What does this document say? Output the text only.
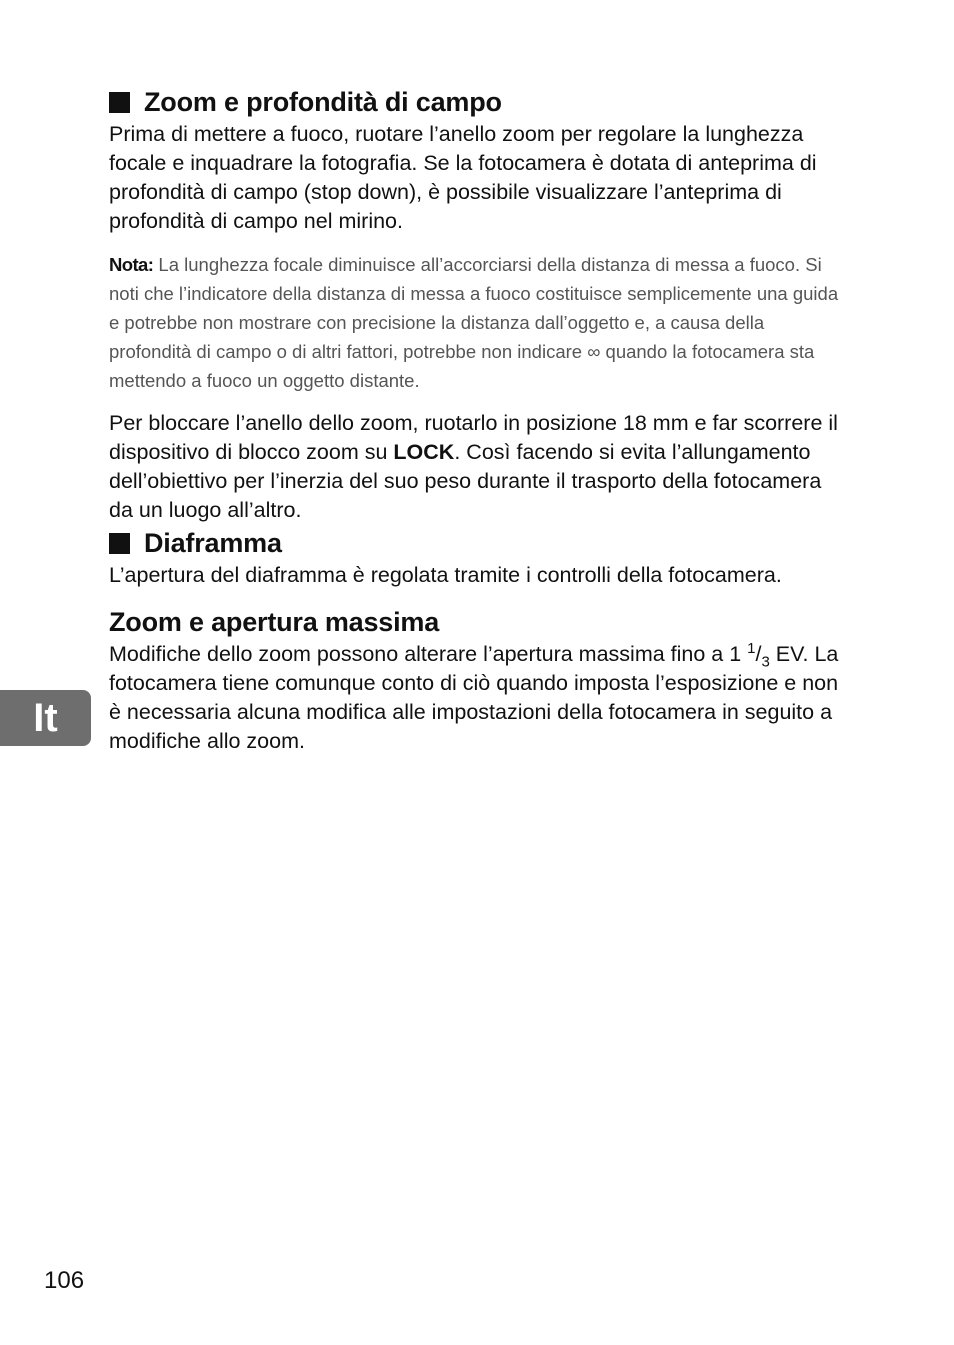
Zoom e profondità di campo

Prima di mettere a fuoco, ruotare l’anello zoom per regolare la lunghezza focale e inquadrare la fotografia. Se la fotocamera è dotata di anteprima di profondità di campo (stop down), è possibile visualizzare l’anteprima di profondità di campo nel mirino.

Nota: La lunghezza focale diminuisce all’accorciarsi della distanza di messa a fuoco. Si noti che l’indicatore della distanza di messa a fuoco costituisce semplicemente una guida e potrebbe non mostrare con precisione la distanza dall’oggetto e, a causa della profondità di campo o di altri fattori, potrebbe non indicare ∞ quando la fotocamera sta mettendo a fuoco un oggetto distante.

Per bloccare l’anello dello zoom, ruotarlo in posizione 18 mm e far scorrere il dispositivo di blocco zoom su LOCK. Così facendo si evita l’allungamento dell’obiettivo per l’inerzia del suo peso durante il trasporto della fotocamera da un luogo all’altro.

Diaframma

L’apertura del diaframma è regolata tramite i controlli della fotocamera.

Zoom e apertura massima

Modifiche dello zoom possono alterare l’apertura massima fino a 1 $^1/_3$ EV. La fotocamera tiene comunque conto di ciò quando imposta l’esposizione e non è necessaria alcuna modifica alle impostazioni della fotocamera in seguito a modifiche allo zoom.

It
106
